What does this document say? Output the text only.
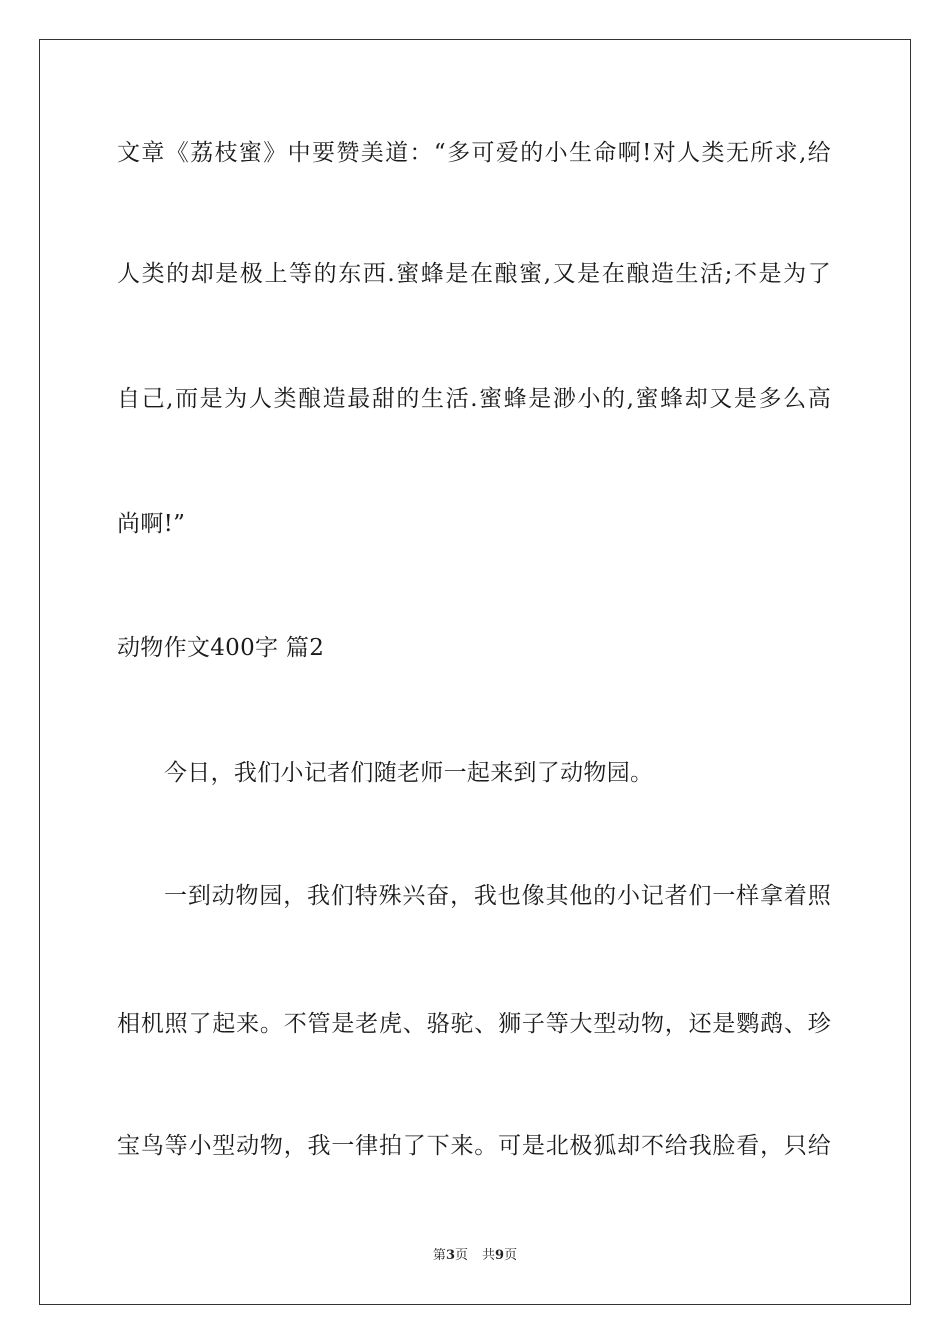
文章《荔枝蜜》中要赞美道：“多可爱的小生命啊!对人类无所求,给
人类的却是极上等的东西.蜜蜂是在酿蜜,又是在酿造生活;不是为了
自己,而是为人类酿造最甜的生活.蜜蜂是渺小的,蜜蜂却又是多么高
尚啊!”
动物作文400字 篇2
今日，我们小记者们随老师一起来到了动物园。
一到动物园，我们特殊兴奋，我也像其他的小记者们一样拿着照
相机照了起来。不管是老虎、骆驼、狮子等大型动物，还是鹦鹉、珍
宝鸟等小型动物，我一律拍了下来。可是北极狐却不给我脸看，只给
第3页 共9页
